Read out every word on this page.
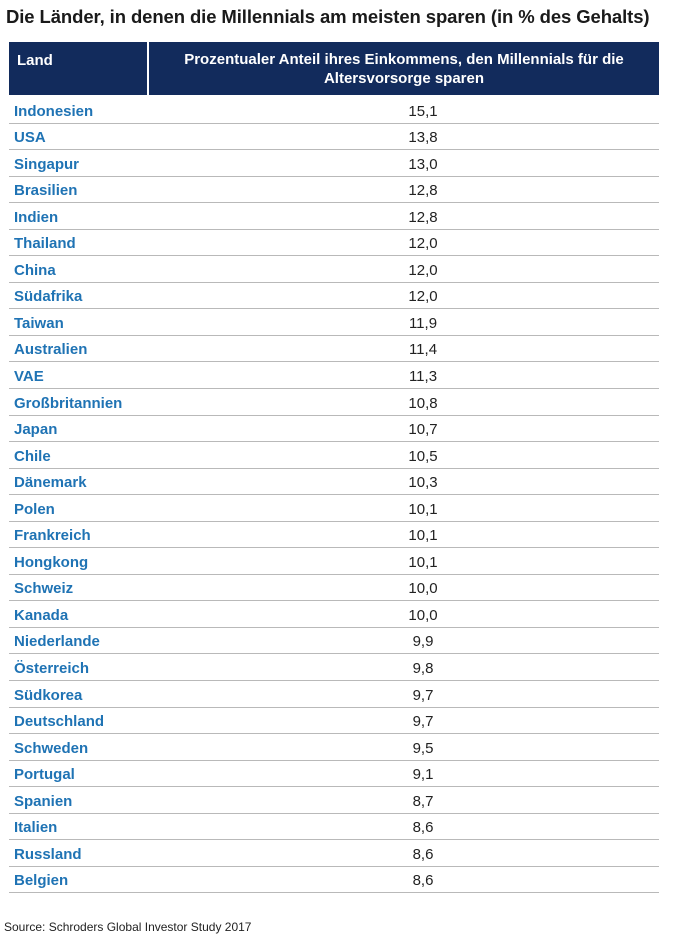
Die Länder, in denen die Millennials am meisten sparen (in % des Gehalts)
Land	Prozentualer Anteil ihres Einkommens, den Millennials für die Altersvorsorge sparen
Indonesien	15,1
USA	13,8
Singapur	13,0
Brasilien	12,8
Indien	12,8
Thailand	12,0
China	12,0
Südafrika	12,0
Taiwan	11,9
Australien	11,4
VAE	11,3
Großbritannien	10,8
Japan	10,7
Chile	10,5
Dänemark	10,3
Polen	10,1
Frankreich	10,1
Hongkong	10,1
Schweiz	10,0
Kanada	10,0
Niederlande	9,9
Österreich	9,8
Südkorea	9,7
Deutschland	9,7
Schweden	9,5
Portugal	9,1
Spanien	8,7
Italien	8,6
Russland	8,6
Belgien	8,6
Source: Schroders Global Investor Study 2017
